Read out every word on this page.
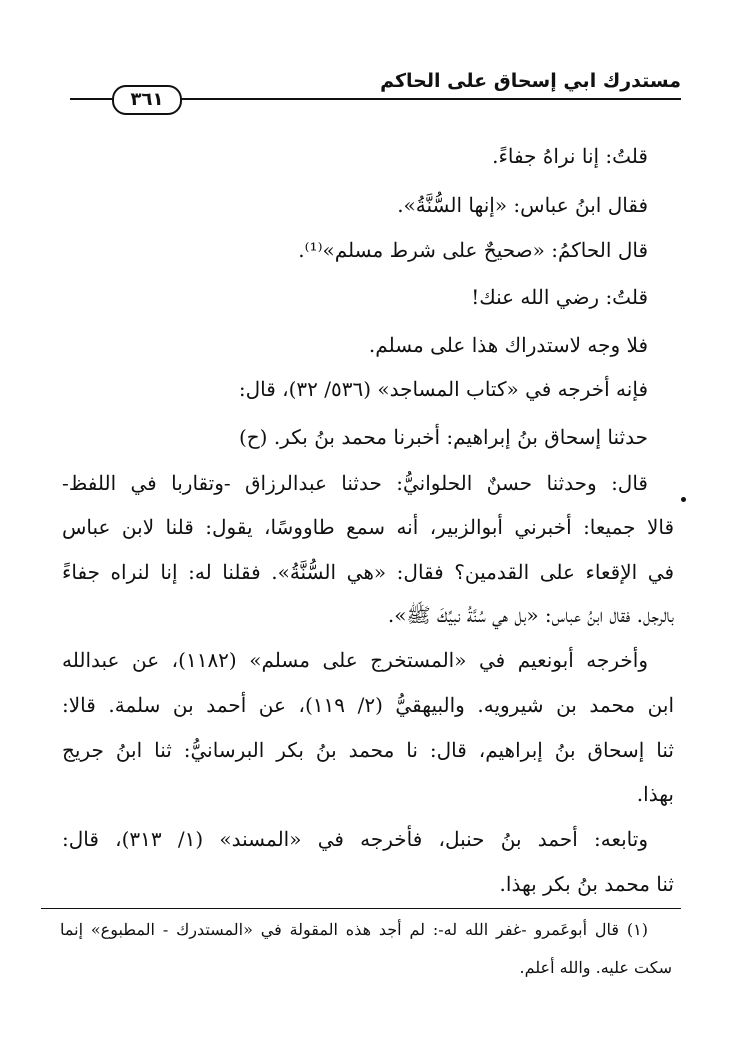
مستدرك ابي إسحاق على الحاكم
٣٦١
قلتُ: إنا نراهُ جفاءً.
فقال ابنُ عباس: «إنها السُّنَّةُ».
قال الحاكمُ: «صحيحٌ على شرط مسلم»⁽¹⁾.
قلتُ: رضي الله عنك!
فلا وجه لاستدراك هذا على مسلم.
فإنه أخرجه في «كتاب المساجد» (٥٣٦/ ٣٢)، قال:
حدثنا إسحاق بنُ إبراهيم: أخبرنا محمد بنُ بكر. (ح)
قال: وحدثنا حسنٌ الحلوانيُّ: حدثنا عبدالرزاق -وتقاربا في اللفظ-
قالا جميعا: أخبرني أبوالزبير، أنه سمع طاووسًا، يقول: قلنا لابن عباس
في الإقعاء على القدمين؟ فقال: «هي السُّنَّةُ». فقلنا له: إنا لنراه جفاءً
بالرجل. فقال ابنُ عباس: «بل هي سُنَّةُ نبيِّكَ ﷺ».
وأخرجه أبونعيم في «المستخرج على مسلم» (١١٨٢)، عن عبدالله
ابن محمد بن شيرويه. والبيهقيُّ (٢/ ١١٩)، عن أحمد بن سلمة. قالا:
ثنا إسحاق بنُ إبراهيم، قال: نا محمد بنُ بكر البرسانيُّ: ثنا ابنُ جريج
بهذا.
وتابعه: أحمد بنُ حنبل، فأخرجه في «المسند» (١/ ٣١٣)، قال:
ثنا محمد بنُ بكر بهذا.
(١) قال أبوعَمرو -غفر الله له-: لم أجد هذه المقولة في «المستدرك - المطبوع» إنما
سكت عليه. والله أعلم.
